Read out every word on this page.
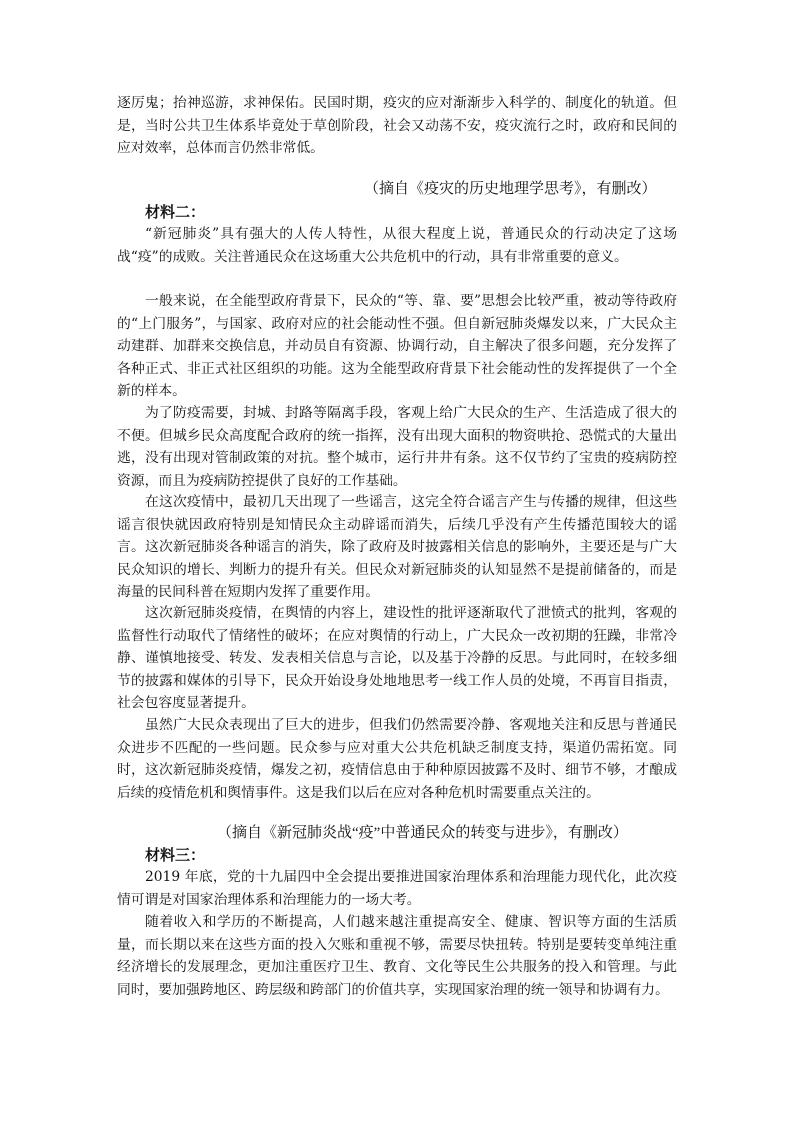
逐厉鬼；抬神巡游，求神保佑。民国时期，疫灾的应对渐渐步入科学的、制度化的轨道。但是，当时公共卫生体系毕竟处于草创阶段，社会又动荡不安，疫灾流行之时，政府和民间的应对效率，总体而言仍然非常低。

（摘自《疫灾的历史地理学思考》，有删改）

材料二：

“新冠肺炎”具有强大的人传人特性，从很大程度上说，普通民众的行动决定了这场战“疫”的成败。关注普通民众在这场重大公共危机中的行动，具有非常重要的意义。

一般来说，在全能型政府背景下，民众的“等、靠、要”思想会比较严重，被动等待政府的“上门服务”，与国家、政府对应的社会能动性不强。但自新冠肺炎爆发以来，广大民众主动建群、加群来交换信息，并动员自有资源、协调行动，自主解决了很多问题，充分发挥了各种正式、非正式社区组织的功能。这为全能型政府背景下社会能动性的发挥提供了一个全新的样本。

为了防疫需要，封城、封路等隔离手段，客观上给广大民众的生产、生活造成了很大的不便。但城乡民众高度配合政府的统一指挥，没有出现大面积的物资哄抢、恐慌式的大量出逃，没有出现对管制政策的对抗。整个城市，运行井井有条。这不仅节约了宝贵的疫病防控资源，而且为疫病防控提供了良好的工作基础。

在这次疫情中，最初几天出现了一些谣言，这完全符合谣言产生与传播的规律，但这些谣言很快就因政府特别是知情民众主动辟谣而消失，后续几乎没有产生传播范围较大的谣言。这次新冠肺炎各种谣言的消失，除了政府及时披露相关信息的影响外，主要还是与广大民众知识的增长、判断力的提升有关。但民众对新冠肺炎的认知显然不是提前储备的，而是海量的民间科普在短期内发挥了重要作用。

这次新冠肺炎疫情，在舆情的内容上，建设性的批评逐渐取代了泄愤式的批判，客观的监督性行动取代了情绪性的破坏；在应对舆情的行动上，广大民众一改初期的狂躁，非常冷静、谨慎地接受、转发、发表相关信息与言论，以及基于冷静的反思。与此同时，在较多细节的披露和媒体的引导下，民众开始设身处地地思考一线工作人员的处境，不再盲目指责，社会包容度显著提升。

虽然广大民众表现出了巨大的进步，但我们仍然需要冷静、客观地关注和反思与普通民众进步不匹配的一些问题。民众参与应对重大公共危机缺乏制度支持，渠道仍需拓宽。同时，这次新冠肺炎疫情，爆发之初，疫情信息由于种种原因披露不及时、细节不够，才酿成后续的疫情危机和舆情事件。这是我们以后在应对各种危机时需要重点关注的。

（摘自《新冠肺炎战“疫”中普通民众的转变与进步》，有删改）

材料三：

2019 年底，党的十九届四中全会提出要推进国家治理体系和治理能力现代化，此次疫情可谓是对国家治理体系和治理能力的一场大考。

随着收入和学历的不断提高，人们越来越注重提高安全、健康、智识等方面的生活质量，而长期以来在这些方面的投入欠账和重视不够，需要尽快扭转。特别是要转变单纯注重经济增长的发展理念，更加注重医疗卫生、教育、文化等民生公共服务的投入和管理。与此同时，要加强跨地区、跨层级和跨部门的价值共享，实现国家治理的统一领导和协调有力。
